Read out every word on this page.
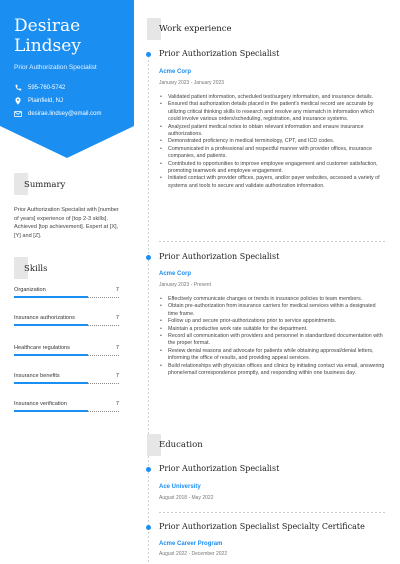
Desirae
Lindsey
Prior Authorization Specialist
595-760-5742
Plainfield, NJ
desirae.lindsey@email.com
Summary
Prior Authorization Specialist with [number of years] experience of [top 2-3 skills]. Achieved [top achievement]. Expert at [X], [Y] and [Z].
Skills
Organization	7
Insurance authorizations	7
Healthcare regulations	7
Insurance benefits	7
Insurance verification	7
Work experience
Prior Authorization Specialist
Acme Corp
January 2023 - January 2023
• Validated patient information, scheduled test/surgery information, and insurance details.
• Ensured that authorization details placed in the patient's medical record are accurate by utilizing critical thinking skills to research and resolve any mismatch in information which could involve various orders/scheduling, registration, and insurance systems.
• Analyzed patient medical notes to obtain relevant information and ensure insurance authorizations.
• Demonstrated proficiency in medical terminology, CPT, and ICD codes.
• Communicated in a professional and respectful manner with provider offices, insurance companies, and patients.
• Contributed to opportunities to improve employee engagement and customer satisfaction, promoting teamwork and employee engagement.
• Initiated contact with provider offices, payers, and/or payer websites, accessed a variety of systems and tools to secure and validate authorization information.
Prior Authorization Specialist
Acme Corp
January 2023 - Present
• Effectively communicate changes or trends in insurance policies to team members.
• Obtain pre-authorization from insurance carriers for medical services within a designated time frame.
• Follow up and secure prior-authorizations prior to service appointments.
• Maintain a productive work rate suitable for the department.
• Record all communication with providers and personnel in standardized documentation with the proper format.
• Review denial reasons and advocate for patients while obtaining approval/denial letters, informing the office of results, and providing appeal services.
• Build relationships with physician offices and clinics by initiating contact via email, answering phone/email correspondence promptly, and responding within one business day.
Education
Prior Authorization Specialist
Ace University
August 2018 - May 2022
Prior Authorization Specialist Specialty Certificate
Acme Career Program
August 2022 - December 2022
